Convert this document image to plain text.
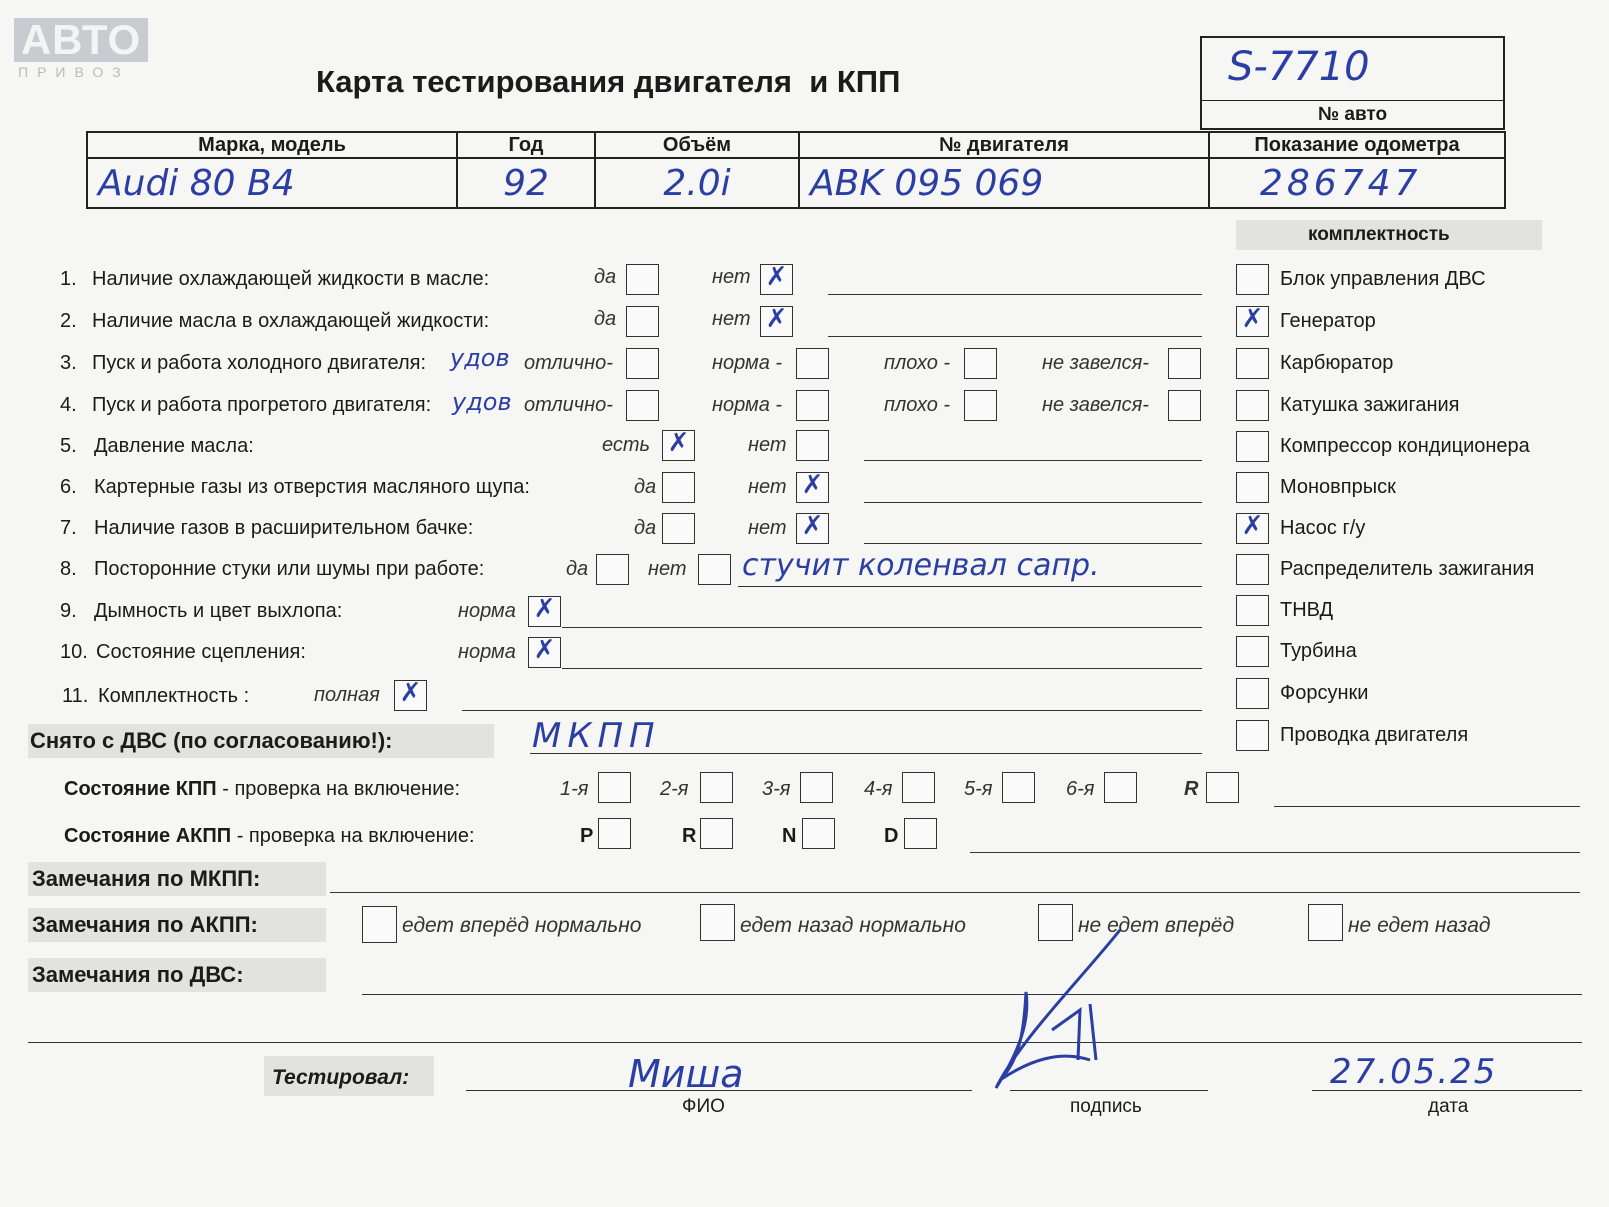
АВТО
ПРИВОЗ	Карта тестирования двигателя  и КПП	S-7710
№ авто
Марка, модель	Год	Объём	№ двигателя	Показание одометра

Audi 80 B4	92	2.0i	ABK 095 069	286747
комплектность
Блок управления ДВС
✗ Генератор
Карбюратор
Катушка зажигания
Компрессор кондиционера
Моновпрыск
✗ Насос г/у
Распределитель зажигания
ТНВД
Турбина
Форсунки
Проводка двигателя
1. Наличие охлаждающей жидкости в масле:	да	нет ✗
2. Наличие масла в охлаждающей жидкости:	да	нет ✗
3. Пуск и работа холодного двигателя: удов отлично-	норма -	плохо -	не завелся-
4. Пуск и работа прогретого двигателя: удов отлично-	норма -	плохо -	не завелся-
5. Давление масла:	есть ✗	нет
6. Картерные газы из отверстия масляного щупа:	да	нет ✗
7. Наличие газов в расширительном бачке:	да	нет ✗
8. Посторонние стуки или шумы при работе:	да	нет стучит коленвал сапр.
9. Дымность и цвет выхлопа:	норма ✗
10. Состояние сцепления:	норма ✗
11. Комплектность :	полная ✗
Снято с ДВС (по согласованию!):	МКПП
Состояние КПП - проверка на включение:	1-я	2-я	3-я	4-я	5-я	6-я	R
Состояние АКПП - проверка на включение:	P	R	N	D
Замечания по МКПП:
Замечания по АКПП:	едет вперёд нормально	едет назад нормально	не едет вперёд	не едет назад
Замечания по ДВС:
Тестировал:	Миша
ФИО	подпись
27.05.25
дата
